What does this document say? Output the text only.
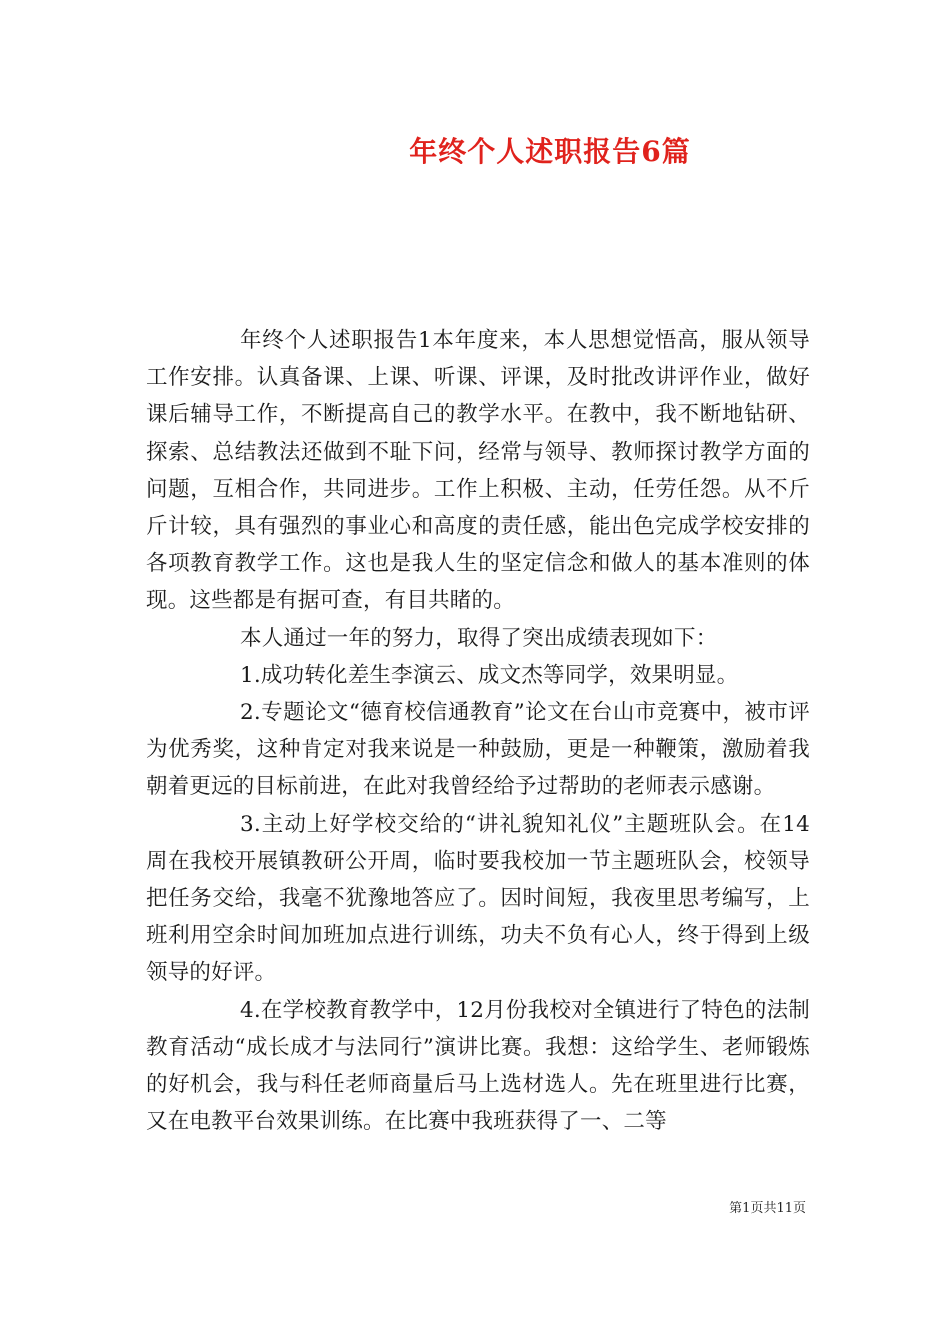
年终个人述职报告6篇

年终个人述职报告1本年度来，本人思想觉悟高，服从领导工作安排。认真备课、上课、听课、评课，及时批改讲评作业，做好课后辅导工作，不断提高自己的教学水平。在教中，我不断地钻研、探索、总结教法还做到不耻下问，经常与领导、教师探讨教学方面的问题，互相合作，共同进步。工作上积极、主动，任劳任怨。从不斤斤计较，具有强烈的事业心和高度的责任感，能出色完成学校安排的各项教育教学工作。这也是我人生的坚定信念和做人的基本准则的体现。这些都是有据可查，有目共睹的。

本人通过一年的努力，取得了突出成绩表现如下：

1.成功转化差生李演云、成文杰等同学，效果明显。

2.专题论文“德育校信通教育”论文在台山市竞赛中，被市评为优秀奖，这种肯定对我来说是一种鼓励，更是一种鞭策，激励着我朝着更远的目标前进，在此对我曾经给予过帮助的老师表示感谢。

3.主动上好学校交给的“讲礼貌知礼仪”主题班队会。在14周在我校开展镇教研公开周，临时要我校加一节主题班队会，校领导把任务交给，我毫不犹豫地答应了。因时间短，我夜里思考编写，上班利用空余时间加班加点进行训练，功夫不负有心人，终于得到上级领导的好评。

4.在学校教育教学中，12月份我校对全镇进行了特色的法制教育活动“成长成才与法同行”演讲比赛。我想：这给学生、老师锻炼的好机会，我与科任老师商量后马上选材选人。先在班里进行比赛，又在电教平台效果训练。在比赛中我班获得了一、二等

第1页共11页
